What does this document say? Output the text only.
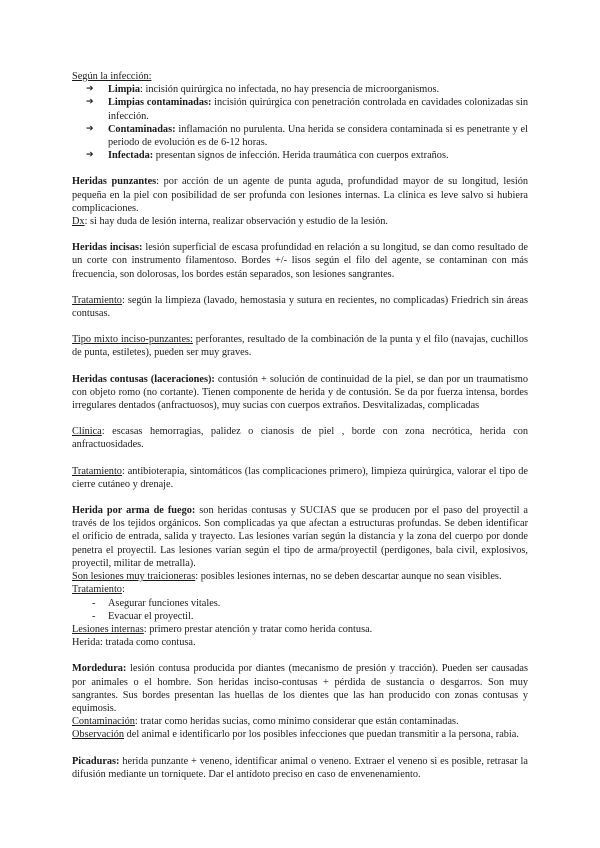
Según la infección:

➔ Limpia: incisión quirúrgica no infectada, no hay presencia de microorganismos.
➔ Limpias contaminadas: incisión quirúrgica con penetración controlada en cavidades colonizadas sin infección.
➔ Contaminadas: inflamación no purulenta. Una herida se considera contaminada si es penetrante y el periodo de evolución es de 6-12 horas.
➔ Infectada: presentan signos de infección. Herida traumática con cuerpos extraños.

Heridas punzantes: por acción de un agente de punta aguda, profundidad mayor de su longitud, lesión pequeña en la piel con posibilidad de ser profunda con lesiones internas. La clínica es leve salvo si hubiera complicaciones.

Dx: si hay duda de lesión interna, realizar observación y estudio de la lesión.

Heridas incisas: lesión superficial de escasa profundidad en relación a su longitud, se dan como resultado de un corte con instrumento filamentoso. Bordes +/- lisos según el filo del agente, se contaminan con más frecuencia, son dolorosas, los bordes están separados, son lesiones sangrantes.

Tratamiento: según la limpieza (lavado, hemostasia y sutura en recientes, no complicadas) Friedrich sin áreas contusas.

Tipo mixto inciso-punzantes: perforantes, resultado de la combinación de la punta y el filo (navajas, cuchillos de punta, estiletes), pueden ser muy graves.

Heridas contusas (laceraciones): contusión + solución de continuidad de la piel, se dan por un traumatismo con objeto romo (no cortante). Tienen componente de herida y de contusión. Se da por fuerza intensa, bordes irregulares dentados (anfractuosos), muy sucias con cuerpos extraños. Desvitalizadas, complicadas

Clínica: escasas hemorragias, palidez o cianosis de piel , borde con zona necrótica, herida con anfractuosidades.

Tratamiento: antibioterapia, sintomáticos (las complicaciones primero), limpieza quirúrgica, valorar el tipo de cierre cutáneo y drenaje.

Herida por arma de fuego: son heridas contusas y SUCIAS que se producen por el paso del proyectil a través de los tejidos orgánicos. Son complicadas ya que afectan a estructuras profundas. Se deben identificar el orificio de entrada, salida y trayecto. Las lesiones varían según la distancia y la zona del cuerpo por donde penetra el proyectil. Las lesiones varían según el tipo de arma/proyectil (perdigones, bala civil, explosivos, proyectil, militar de metralla).

Son lesiones muy traicioneras: posibles lesiones internas, no se deben descartar aunque no sean visibles.

Tratamiento:

- Asegurar funciones vitales.
- Evacuar el proyectil.

Lesiones internas: primero prestar atención y tratar como herida contusa.

Herida: tratada como contusa.

Mordedura: lesión contusa producida por diantes (mecanismo de presión y tracción). Pueden ser causadas por animales o el hombre. Son heridas inciso-contusas + pérdida de sustancia o desgarros. Son muy sangrantes. Sus bordes presentan las huellas de los dientes que las han producido con zonas contusas y equimosis.

Contaminación: tratar como heridas sucias, como mínimo considerar que están contaminadas.

Observación del animal e identificarlo por los posibles infecciones que puedan transmitir a la persona, rabia.

Picaduras: herida punzante + veneno, identificar animal o veneno. Extraer el veneno si es posible, retrasar la difusión mediante un torniquete. Dar el antídoto preciso en caso de envenenamiento.
